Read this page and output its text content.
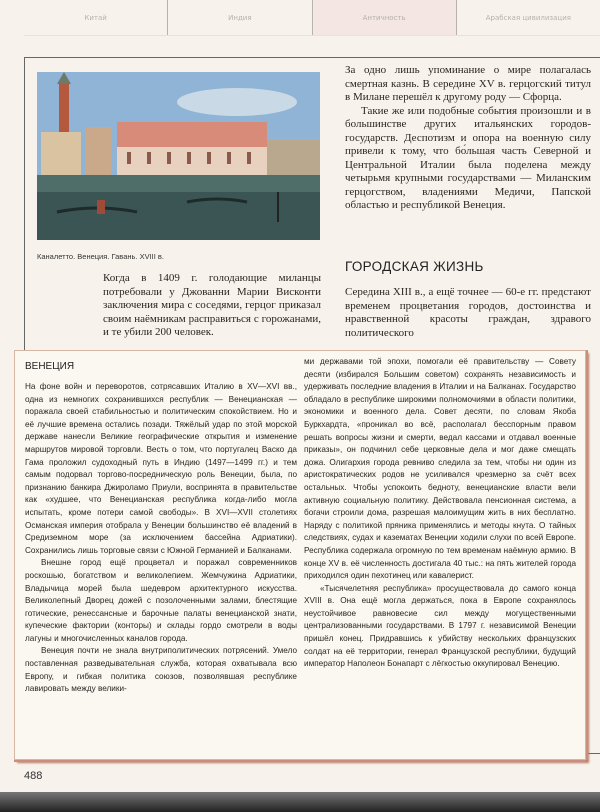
Китай	Индия	Античность	Арабская цивилизация
Каналетто. Венеция. Гавань. XVIII в.

За одно лишь упоминание о мире полагалась смертная казнь. В середине XV в. герцогский титул в Милане перешёл к другому роду — Сфорца.

Такие же или подобные события произошли и в большинстве других итальянских городов-государств. Деспотизм и опора на военную силу привели к тому, что бо́льшая часть Северной и Центральной Италии была поделена между четырьмя крупными государствами — Миланским герцогством, владениями Медичи, Папской областью и республикой Венеция.

ГОРОДСКАЯ ЖИЗНЬ
Когда в 1409 г. голодающие миланцы потребовали у Джованни Марии Висконти заключения мира с соседями, герцог приказал своим наёмникам расправиться с горожанами, и те убили 200 человек.
Середина XIII в., а ещё точнее — 60-е гг. предстают временем процветания городов, достоинства и нравственной красоты граждан, здравого политического
ВЕНЕЦИЯ

На фоне войн и переворотов, сотрясавших Италию в XV—XVI вв., одна из немногих сохранившихся республик — Венецианская — поражала своей стабильностью и политическим спокойствием. Но и её лучшие времена остались позади. Тяжёлый удар по этой морской державе нанесли Великие географические открытия и изменение маршрутов мировой торговли. Весть о том, что португалец Васко да Гама проложил судоходный путь в Индию (1497—1499 гг.) и тем самым подорвал торгово-посредническую роль Венеции, была, по признанию банкира Джироламо Приули, воспринята в правительстве как «худшее, что Венецианская республика когда-либо могла испытать, кроме потери самой свободы». В XVI—XVII столетиях Османская империя отобрала у Венеции большинство её владений в Средиземном море (за исключением бассейна Адриатики). Сохранились лишь торговые связи с Южной Германией и Балканами.

Внешне город ещё процветал и поражал современников роскошью, богатством и великолепием. Жемчужина Адриатики, Владычица морей была шедевром архитектурного искусства. Великолепный Дворец дожей с позолоченными залами, блестящие готические, ренессансные и барочные палаты венецианской знати, купеческие фактории (конторы) и склады гордо смотрели в воды лагуны и многочисленных каналов города.

Венеция почти не знала внутриполитических потрясений. Умело поставленная разведывательная служба, которая охватывала всю Европу, и гибкая политика союзов, позволявшая республике лавировать между велики-

ми державами той эпохи, помогали её правительству — Совету десяти (избирался Большим советом) сохранять независимость и удерживать последние владения в Италии и на Балканах. Государство обладало в республике широкими полномочиями в области политики, экономики и военного дела. Совет десяти, по словам Якоба Буркхардта, «проникал во всё, располагал бесспорным правом решать вопросы жизни и смерти, ведал кассами и отдавал военные приказы», он подчинил себе церковные дела и мог даже смещать дожа. Олигархия города ревниво следила за тем, чтобы ни один из аристократических родов не усиливался чрезмерно за счёт всех остальных. Чтобы успокоить бедноту, венецианские власти вели активную социальную политику. Действовала пенсионная система, а богачи строили дома, разрешая малоимущим жить в них бесплатно. Наряду с политикой пряника применялись и методы кнута. О тайных следствиях, судах и казематах Венеции ходили слухи по всей Европе. Республика содержала огромную по тем временам наёмную армию. В конце XV в. её численность достигала 40 тыс.: на пять жителей города приходился один пехотинец или кавалерист.

«Тысячелетняя республика» просуществовала до самого конца XVIII в. Она ещё могла держаться, пока в Европе сохранялось неустойчивое равновесие сил между могущественными централизованными государствами. В 1797 г. независимой Венеции пришёл конец. Придравшись к убийству нескольких французских солдат на её территории, генерал Французской республики, будущий император Наполеон Бонапарт с лёгкостью оккупировал Венецию.

488
